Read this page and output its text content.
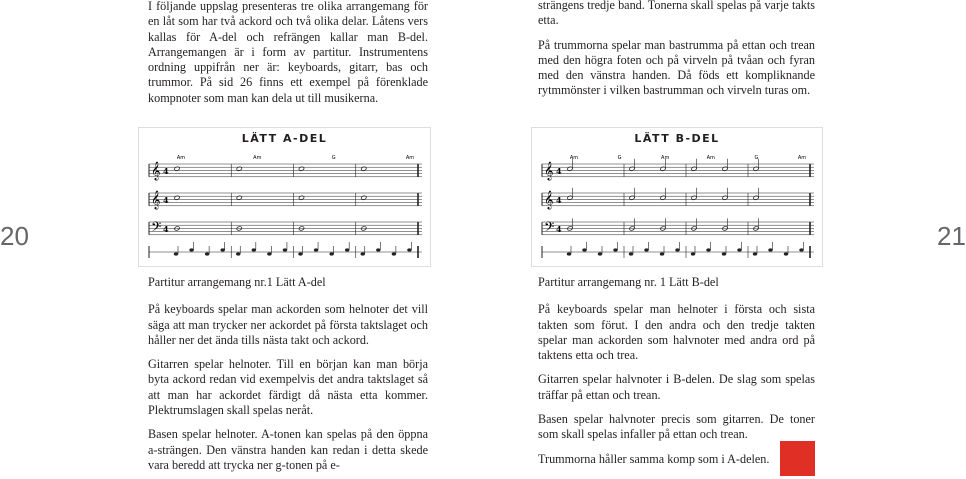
I följande uppslag presenteras tre olika arrangemang för en låt som har två ackord och två olika delar. Låtens vers kallas för A-del och refrängen kallar man B-del. Arrangemangen är i form av partitur. Instrumentens ordning uppifrån ner är: keyboards, gitarr, bas och trummor. På sid 26 finns ett exempel på förenklade kompnoter som man kan dela ut till musikerna.

strängens tredje band. Tonerna skall spelas på varje takts etta.

På trummorna spelar man bastrumma på ettan och trean med den högra foten och på virveln på tvåan och fyran med den vänstra handen. Då föds ett kompliknande rytmmönster i vilken bastrumman och virveln turas om.

LÄTT A-DEL
Am	Am	G	Am
𝄞 4
𝄞 4
𝄢 4
LÄTT B-DEL
Am	G	Am	Am	G	Am
𝄞 4
𝄞 4
𝄢 4
20	21

Partitur arrangemang nr.1 Lätt A-del

På keyboards spelar man ackorden som helnoter det vill säga att man trycker ner ackordet på första taktslaget och håller ner det ända tills nästa takt och ackord.

Gitarren spelar helnoter. Till en början kan man börja byta ackord redan vid exempelvis det andra taktslaget så att man har ackordet färdigt då nästa etta kommer. Plektrumslagen skall spelas neråt.

Basen spelar helnoter. A-tonen kan spelas på den öppna a-strängen. Den vänstra handen kan redan i detta skede vara beredd att trycka ner g-tonen på e-

Partitur arrangemang nr. 1 Lätt B-del

På keyboards spelar man helnoter i första och sista takten som förut. I den andra och den tredje takten spelar man ackorden som halvnoter med andra ord på taktens etta och trea.

Gitarren spelar halvnoter i B-delen. De slag som spelas träffar på ettan och trean.

Basen spelar halvnoter precis som gitarren. De toner som skall spelas infaller på ettan och trean.

Trummorna håller samma komp som i A-delen.
